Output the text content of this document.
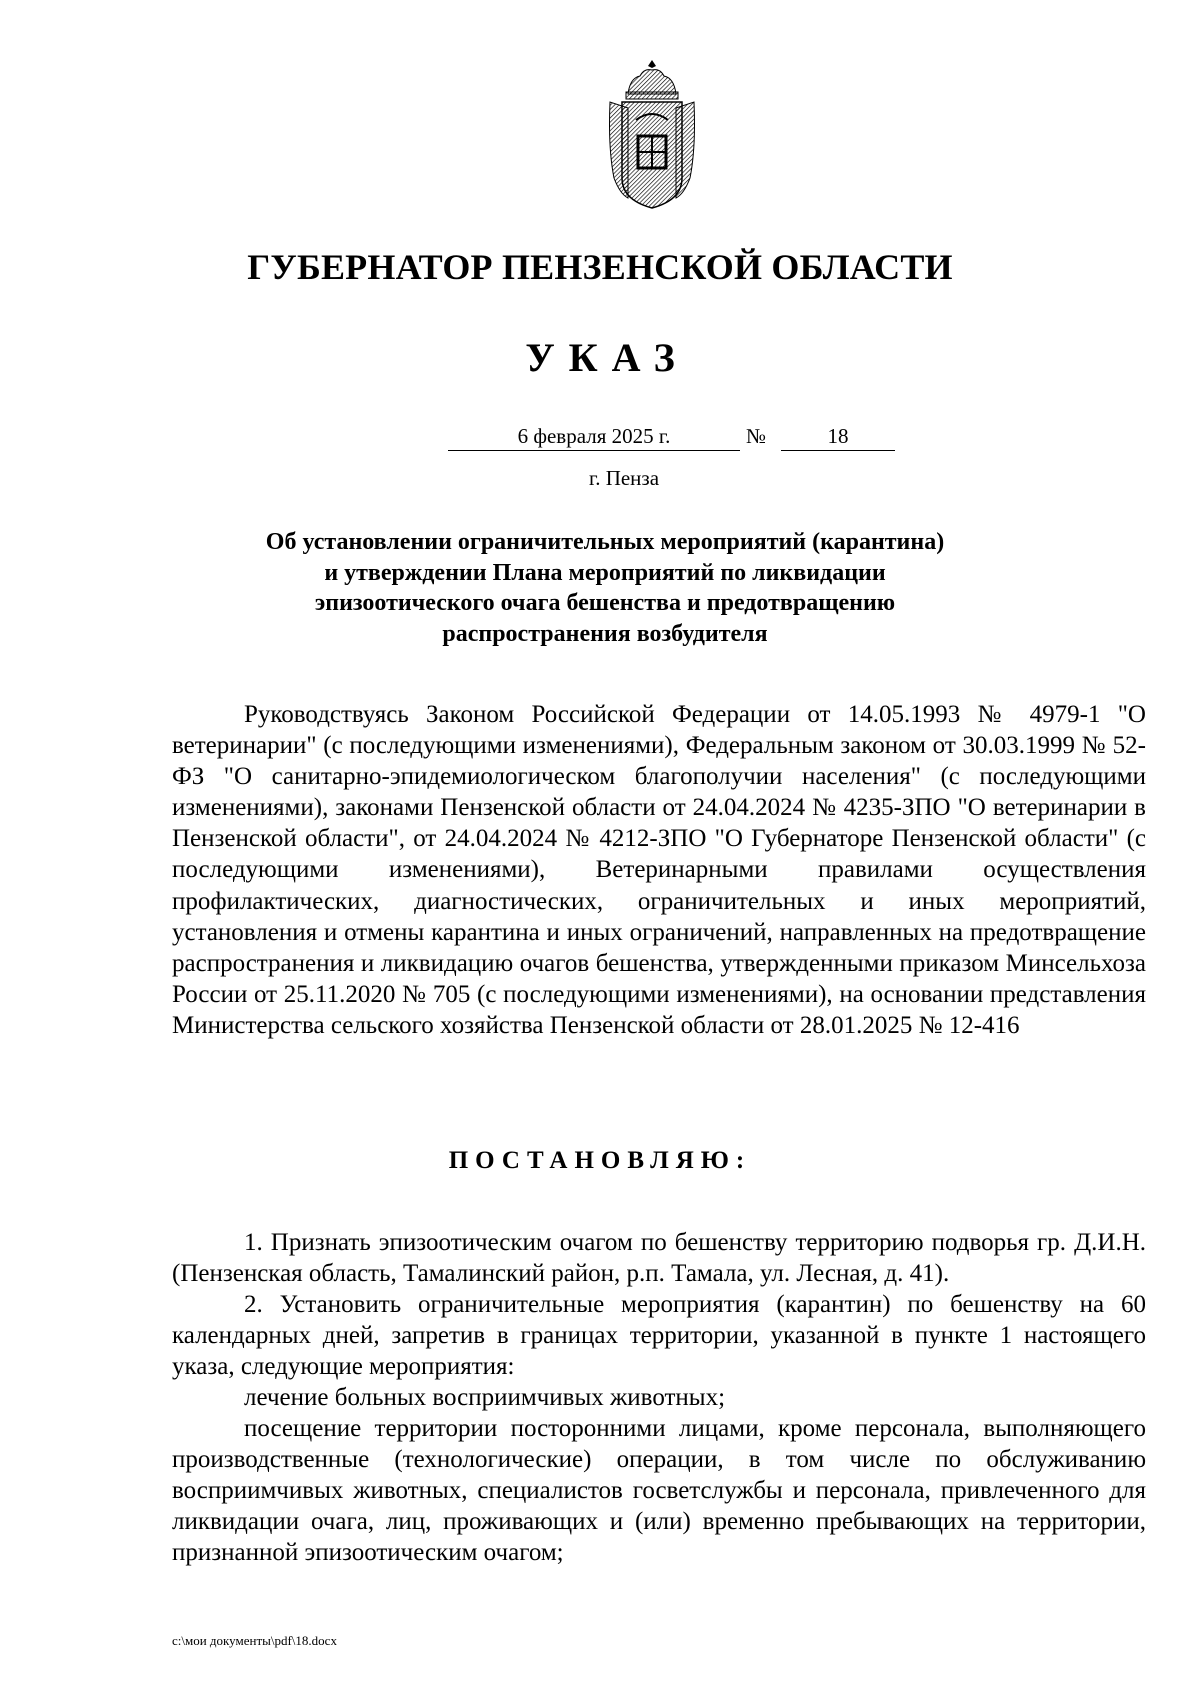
ГУБЕРНАТОР ПЕНЗЕНСКОЙ ОБЛАСТИ
УКАЗ
6 февраля 2025 г.	№	18
г. Пенза
Об установлении ограничительных мероприятий (карантина)
и утверждении Плана мероприятий по ликвидации
эпизоотического очага бешенства и предотвращению
распространения возбудителя

Руководствуясь Законом Российской Федерации от 14.05.1993 № 4979-1 "О ветеринарии" (с последующими изменениями), Федеральным законом от 30.03.1999 № 52-ФЗ "О санитарно-эпидемиологическом благополучии населения" (с последующими изменениями), законами Пензенской области от 24.04.2024 № 4235-ЗПО "О ветеринарии в Пензенской области", от 24.04.2024 № 4212-ЗПО "О Губернаторе Пензенской области" (с последующими изменениями), Ветеринарными правилами осуществления профилактических, диагностических, ограничительных и иных мероприятий, установления и отмены карантина и иных ограничений, направленных на предотвращение распространения и ликвидацию очагов бешенства, утвержденными приказом Минсельхоза России от 25.11.2020 № 705 (с последующими изменениями), на основании представления Министерства сельского хозяйства Пензенской области от 28.01.2025 № 12-416

ПОСТАНОВЛЯЮ:

1. Признать эпизоотическим очагом по бешенству территорию подворья гр. Д.И.Н. (Пензенская область, Тамалинский район, р.п. Тамала, ул. Лесная, д. 41).

2. Установить ограничительные мероприятия (карантин) по бешенству на 60 календарных дней, запретив в границах территории, указанной в пункте 1 настоящего указа, следующие мероприятия:

лечение больных восприимчивых животных;

посещение территории посторонними лицами, кроме персонала, выполняющего производственные (технологические) операции, в том числе по обслуживанию восприимчивых животных, специалистов госветслужбы и персонала, привлеченного для ликвидации очага, лиц, проживающих и (или) временно пребывающих на территории, признанной эпизоотическим очагом;

c:\мои документы\pdf\18.docx
